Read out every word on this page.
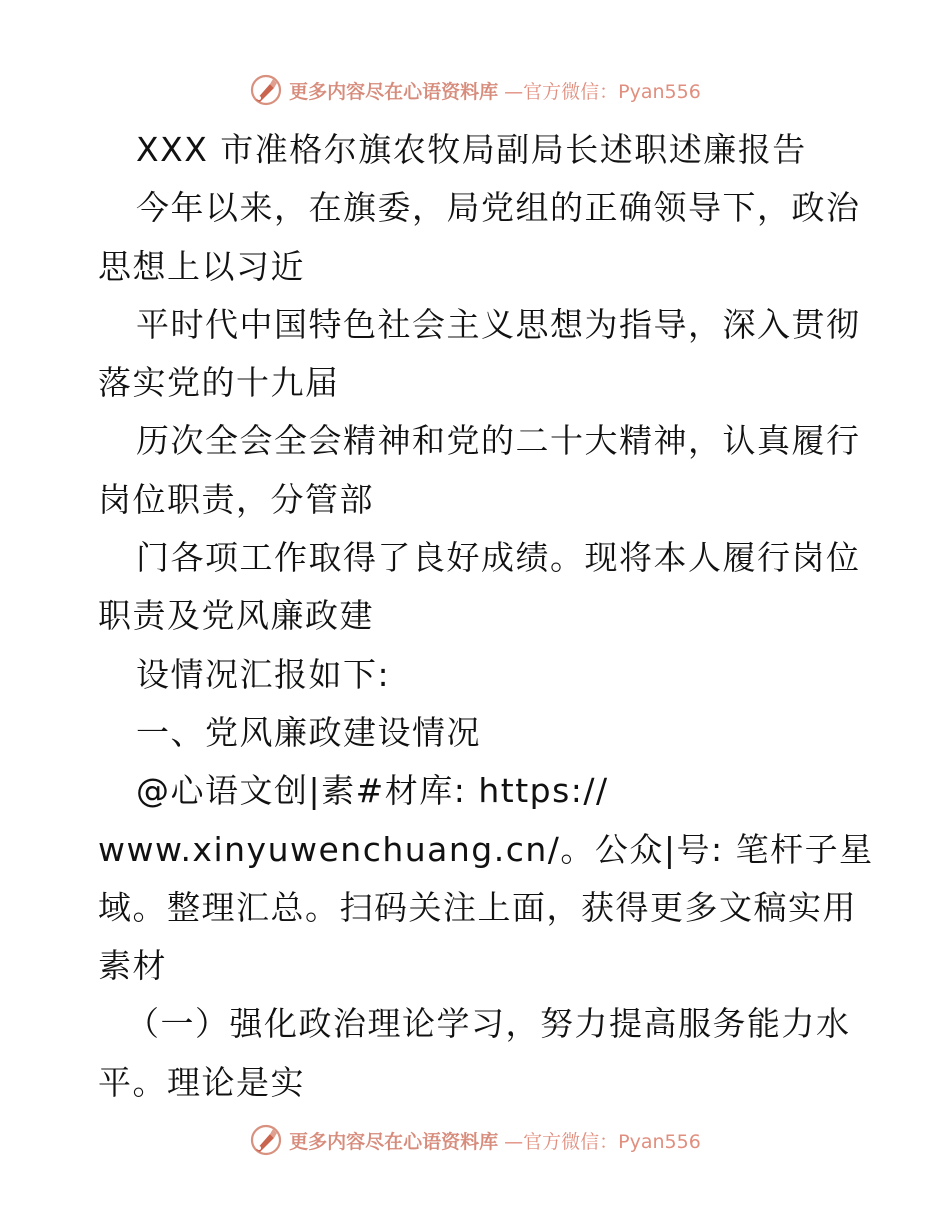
更多内容尽在心语资料库 —官方微信：Pyan556
XXX 市准格尔旗农牧局副局长述职述廉报告
今年以来，在旗委，局党组的正确领导下，政治
思想上以习近
平时代中国特色社会主义思想为指导，深入贯彻
落实党的十九届
历次全会全会精神和党的二十大精神，认真履行
岗位职责，分管部
门各项工作取得了良好成绩。现将本人履行岗位
职责及党风廉政建
设情况汇报如下:
一、党风廉政建设情况
@心语文创|素#材库: https://
www.xinyuwenchuang.cn/。公众|号: 笔杆子星
域。整理汇总。扫码关注上面，获得更多文稿实用
素材
（一）强化政治理论学习，努力提高服务能力水
平。理论是实
更多内容尽在心语资料库 —官方微信：Pyan556
